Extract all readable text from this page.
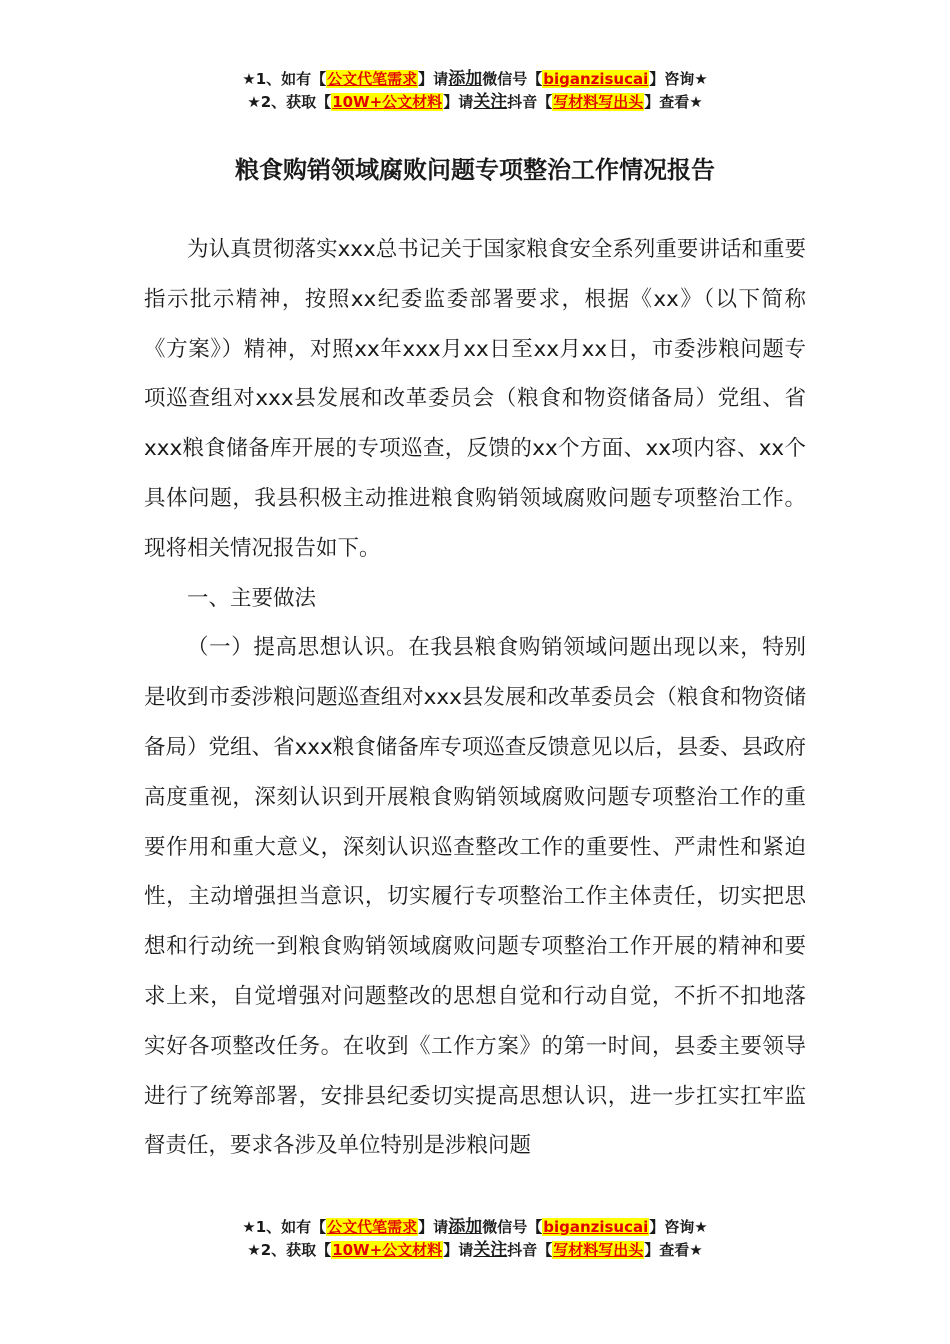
★1、如有【公文代笔需求】请添加微信号【biganzisucai】咨询★
★2、获取【10W+公文材料】请关注抖音【写材料写出头】查看★
粮食购销领域腐败问题专项整治工作情况报告

为认真贯彻落实xxx总书记关于国家粮食安全系列重要讲话和重要指示批示精神，按照xx纪委监委部署要求，根据《xx》（以下简称《方案》）精神，对照xx年xxx月xx日至xx月xx日，市委涉粮问题专项巡查组对xxx县发展和改革委员会（粮食和物资储备局）党组、省xxx粮食储备库开展的专项巡查，反馈的xx个方面、xx项内容、xx个具体问题，我县积极主动推进粮食购销领域腐败问题专项整治工作。现将相关情况报告如下。

一、主要做法

（一）提高思想认识。在我县粮食购销领域问题出现以来，特别是收到市委涉粮问题巡查组对xxx县发展和改革委员会（粮食和物资储备局）党组、省xxx粮食储备库专项巡查反馈意见以后，县委、县政府高度重视，深刻认识到开展粮食购销领域腐败问题专项整治工作的重要作用和重大意义，深刻认识巡查整改工作的重要性、严肃性和紧迫性，主动增强担当意识，切实履行专项整治工作主体责任，切实把思想和行动统一到粮食购销领域腐败问题专项整治工作开展的精神和要求上来，自觉增强对问题整改的思想自觉和行动自觉，不折不扣地落实好各项整改任务。在收到《工作方案》的第一时间，县委主要领导进行了统筹部署，安排县纪委切实提高思想认识，进一步扛实扛牢监督责任，要求各涉及单位特别是涉粮问题

★1、如有【公文代笔需求】请添加微信号【biganzisucai】咨询★
★2、获取【10W+公文材料】请关注抖音【写材料写出头】查看★
